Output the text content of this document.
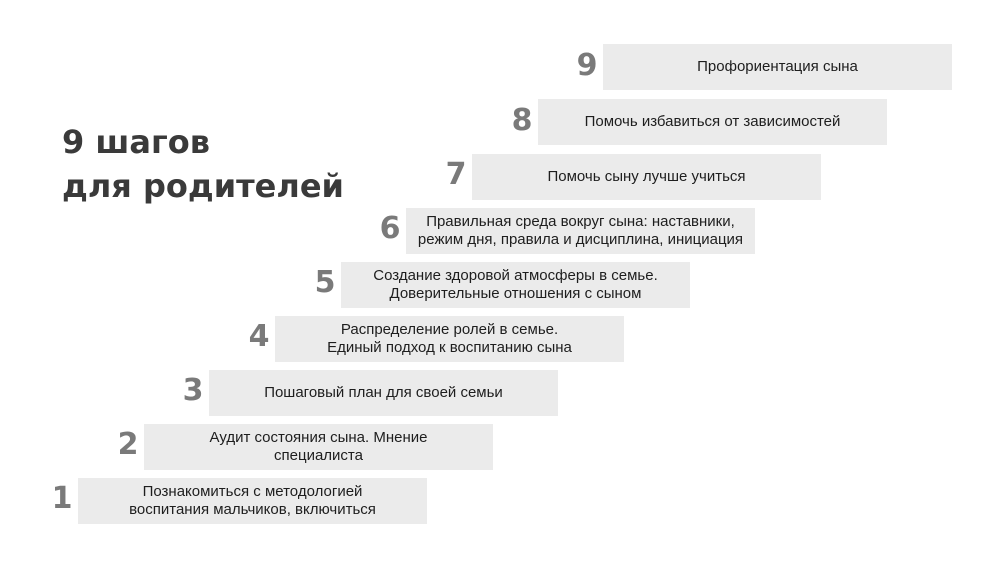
9 шагов
для родителей
1	Познакомиться с методологией
воспитания мальчиков, включиться
2	Аудит состояния сына. Мнение
специалиста
3	Пошаговый план для своей семьи
4	Распределение ролей в семье.
Единый подход к воспитанию сына
5	Создание здоровой атмосферы в семье.
Доверительные отношения с сыном
6	Правильная среда вокруг сына: наставники,
режим дня, правила и дисциплина, инициация
7	Помочь сыну лучше учиться
8	Помочь избавиться от зависимостей
9	Профориентация сына
